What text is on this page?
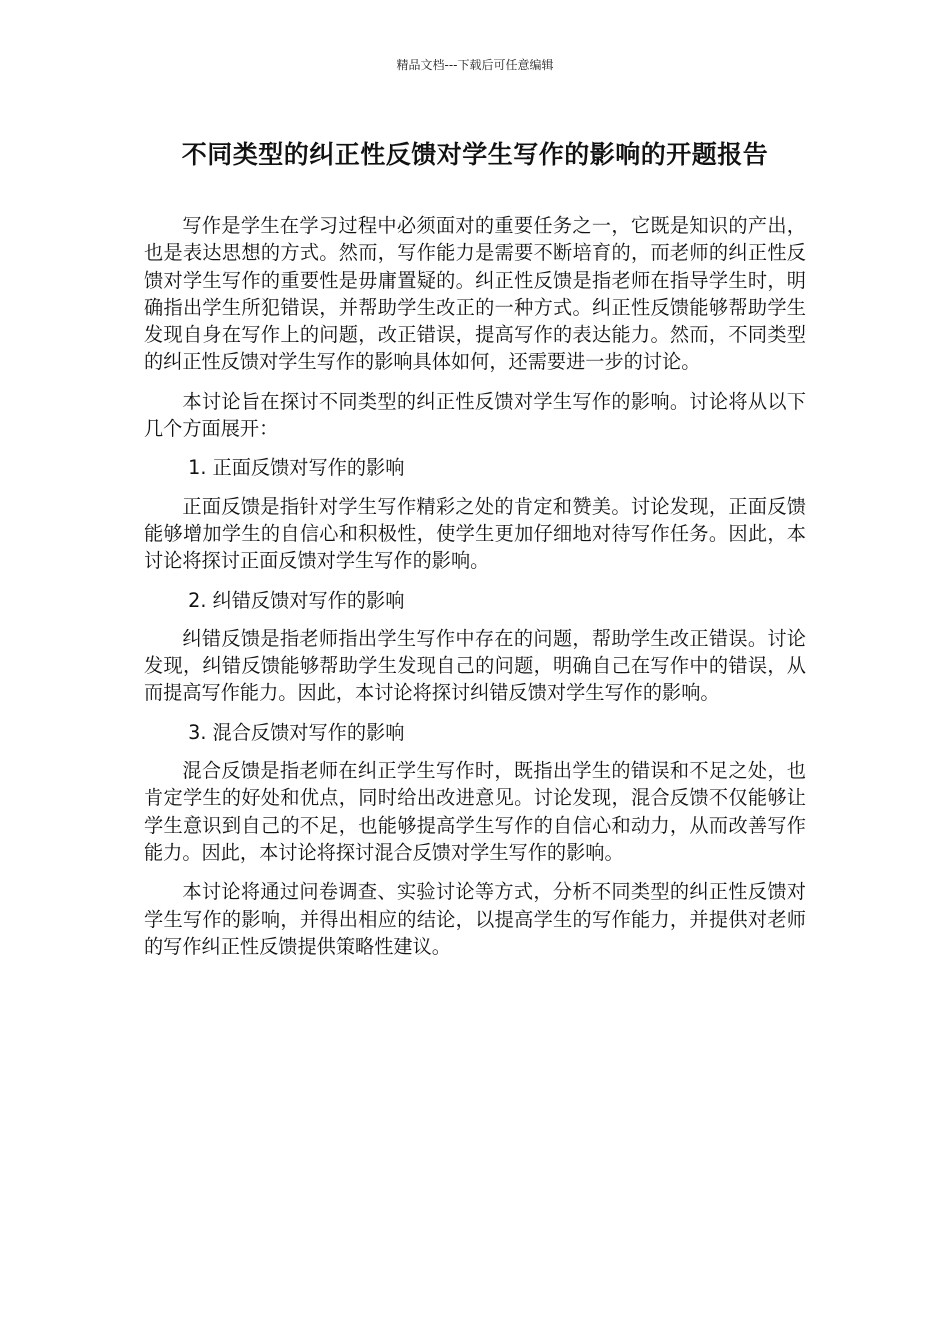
精品文档---下载后可任意编辑
不同类型的纠正性反馈对学生写作的影响的开题报告

写作是学生在学习过程中必须面对的重要任务之一，它既是知识的产出，也是表达思想的方式。然而，写作能力是需要不断培育的，而老师的纠正性反馈对学生写作的重要性是毋庸置疑的。纠正性反馈是指老师在指导学生时，明确指出学生所犯错误，并帮助学生改正的一种方式。纠正性反馈能够帮助学生发现自身在写作上的问题，改正错误，提高写作的表达能力。然而，不同类型的纠正性反馈对学生写作的影响具体如何，还需要进一步的讨论。

本讨论旨在探讨不同类型的纠正性反馈对学生写作的影响。讨论将从以下几个方面展开：

1. 正面反馈对写作的影响

正面反馈是指针对学生写作精彩之处的肯定和赞美。讨论发现，正面反馈能够增加学生的自信心和积极性，使学生更加仔细地对待写作任务。因此，本讨论将探讨正面反馈对学生写作的影响。

2. 纠错反馈对写作的影响

纠错反馈是指老师指出学生写作中存在的问题，帮助学生改正错误。讨论发现，纠错反馈能够帮助学生发现自己的问题，明确自己在写作中的错误，从而提高写作能力。因此，本讨论将探讨纠错反馈对学生写作的影响。

3. 混合反馈对写作的影响

混合反馈是指老师在纠正学生写作时，既指出学生的错误和不足之处，也肯定学生的好处和优点，同时给出改进意见。讨论发现，混合反馈不仅能够让学生意识到自己的不足，也能够提高学生写作的自信心和动力，从而改善写作能力。因此，本讨论将探讨混合反馈对学生写作的影响。

本讨论将通过问卷调查、实验讨论等方式，分析不同类型的纠正性反馈对学生写作的影响，并得出相应的结论，以提高学生的写作能力，并提供对老师的写作纠正性反馈提供策略性建议。
